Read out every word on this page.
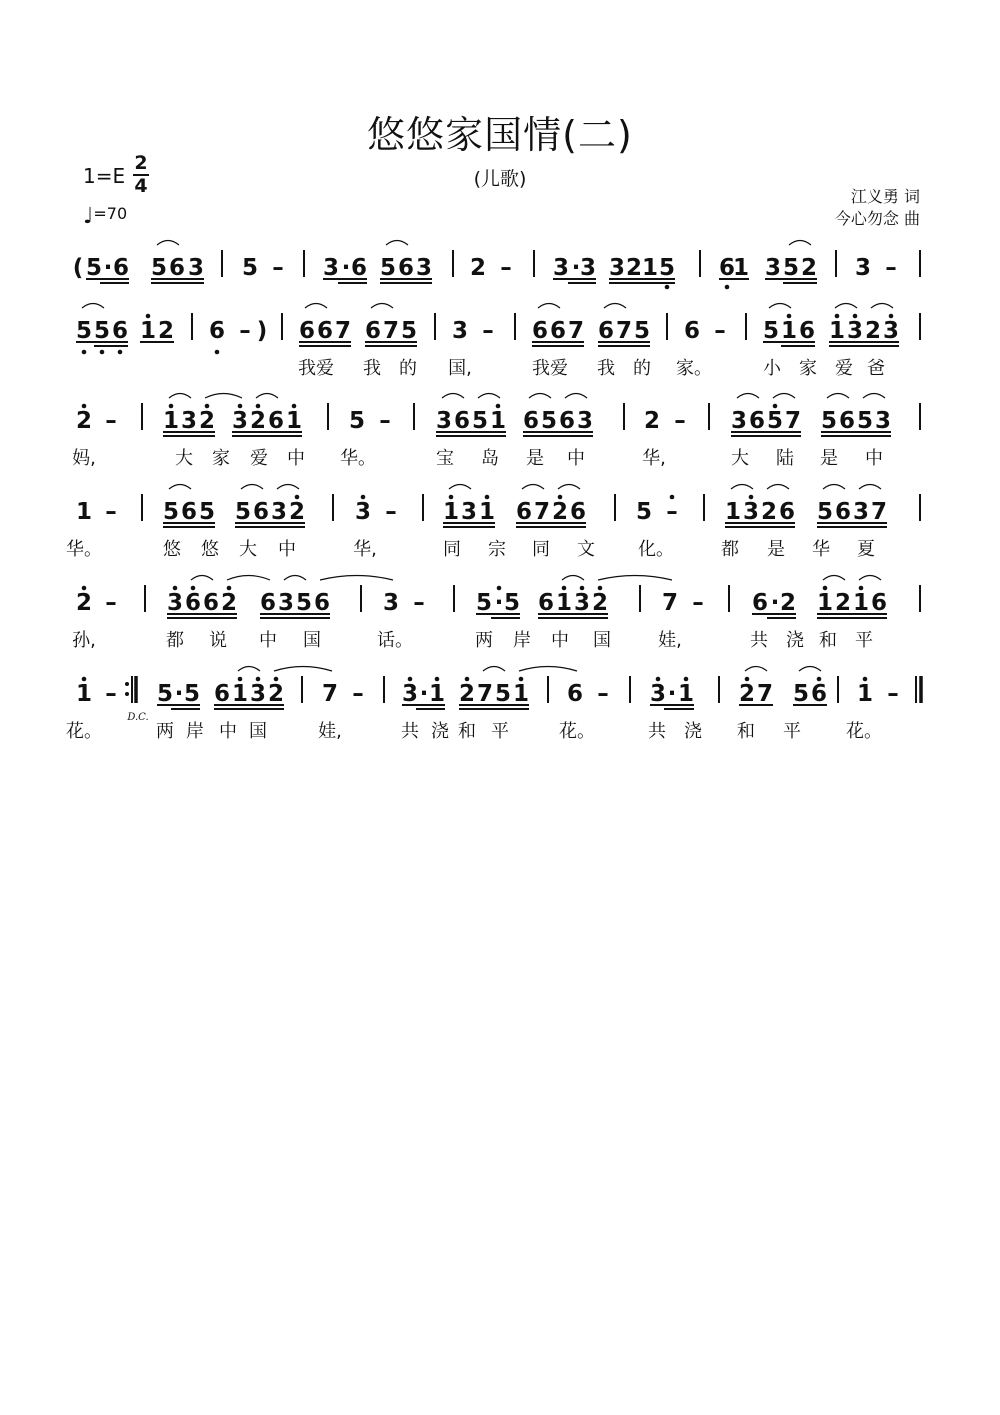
悠悠家国情(二)
(儿歌)
1=E
2
4
♩=70
江义勇 词
今心勿念 曲
( 5 · 6 5 6 3 5 – 3 · 6 5 6 3 2 – 3 · 3 3 2 1 5 6
1 3 5 2 3 –
5 5 6 1 2 6 – ) 6 6 7 6 7 5 3 – 6 6 7 6 7 5 6 – 5 1 6 1 3 2 3
我爱 我 的 国,	我爱 我 的 家。	小 家 爱 爸
2 – 1 3 2 3 2 6 1 5 – 3 6 5 1 6 5 6 3 2 – 3 6 5 7 5 6 5 3
妈,	大 家 爱 中 华。	宝 岛 是 中	华,	大 陆 是 中
1 – 5 6 5 5 6 3 2 3 – 1 3 1 6 7 2 6 5 – 1 3 2 6 5 6 3 7
华。	悠 悠 大 中	华,	同 宗 同 文 化。	都 是 华 夏
2 – 3 6 6 2 6 3 5 6 3 – 5 · 5 6 1 3 2 7 – 6 · 2 1 2 1 6
孙,	都 说 中 国	话。	两 岸 中 国	娃,	共 浇 和 平
1 – 5 · 5 6 1 3 2 7 – 3 · 1 2 7 5 1 6 – 3 · 1 2 7 5 6 1 –
花。	两 岸 中 国	娃,	共 浇 和 平	花。	共 浇 和 平	花。
D.C.
